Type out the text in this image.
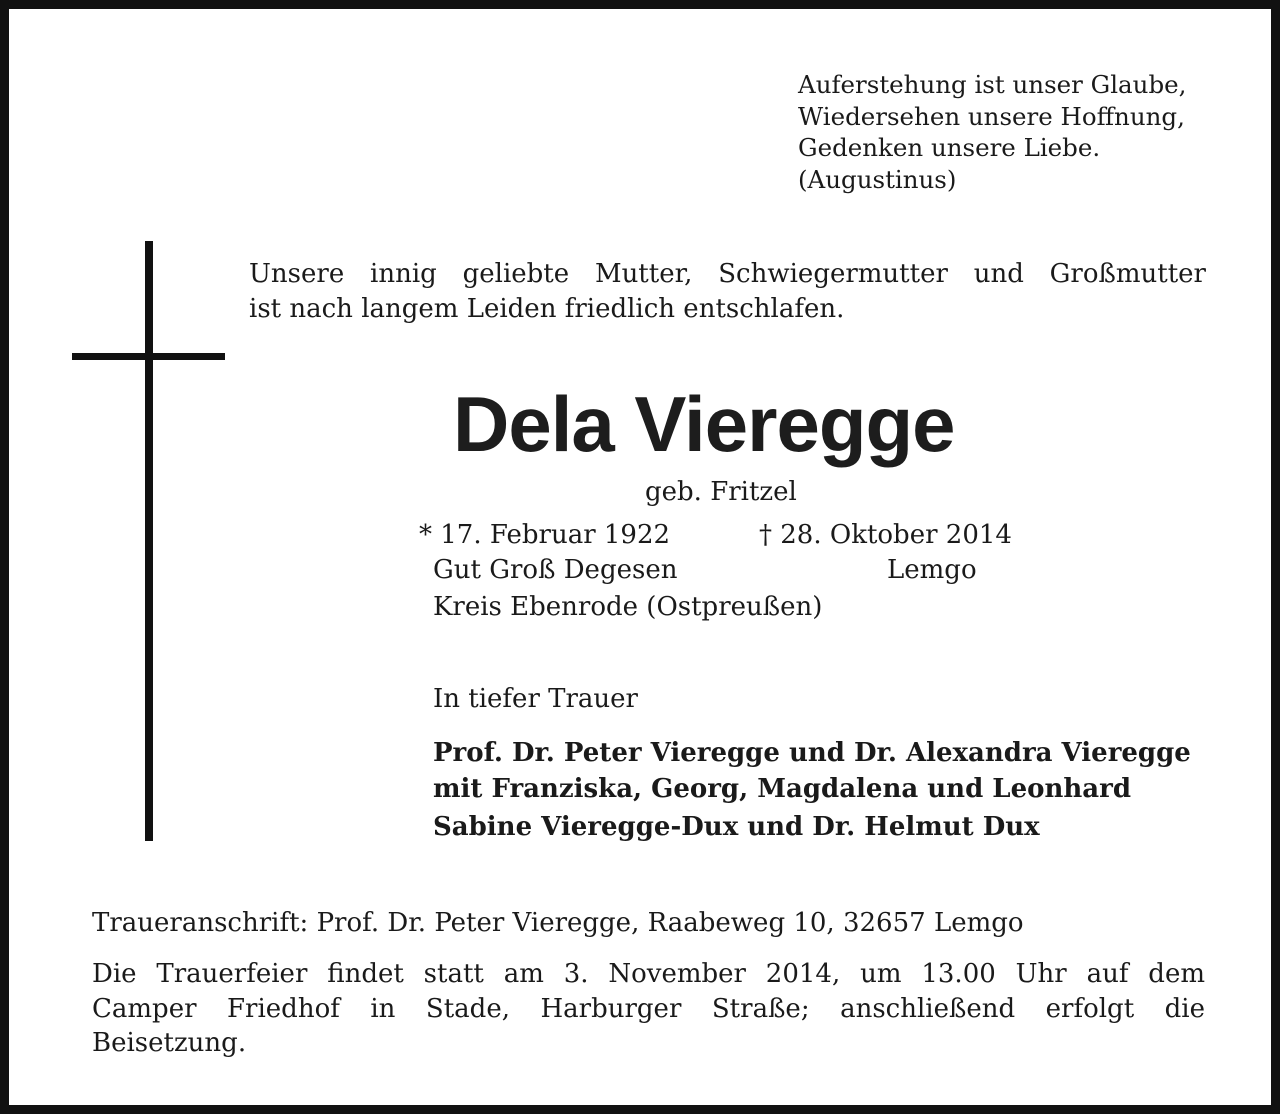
Auferstehung ist unser Glaube,
Wiedersehen unsere Hoffnung,
Gedenken unsere Liebe.
(Augustinus)
Unsere innig geliebte Mutter, Schwiegermutter und Großmutter
ist nach langem Leiden friedlich entschlafen.
Dela Vieregge
geb. Fritzel
* 17. Februar 1922	† 28. Oktober 2014
Gut Groß Degesen	Lemgo
Kreis Ebenrode (Ostpreußen)
In tiefer Trauer
Prof. Dr. Peter Vieregge und Dr. Alexandra Vieregge
mit Franziska, Georg, Magdalena und Leonhard
Sabine Vieregge-Dux und Dr. Helmut Dux
Traueranschrift: Prof. Dr. Peter Vieregge, Raabeweg 10, 32657 Lemgo
Die Trauerfeier findet statt am 3. November 2014, um 13.00 Uhr auf dem
Camper Friedhof in Stade, Harburger Straße; anschließend erfolgt die
Beisetzung.
